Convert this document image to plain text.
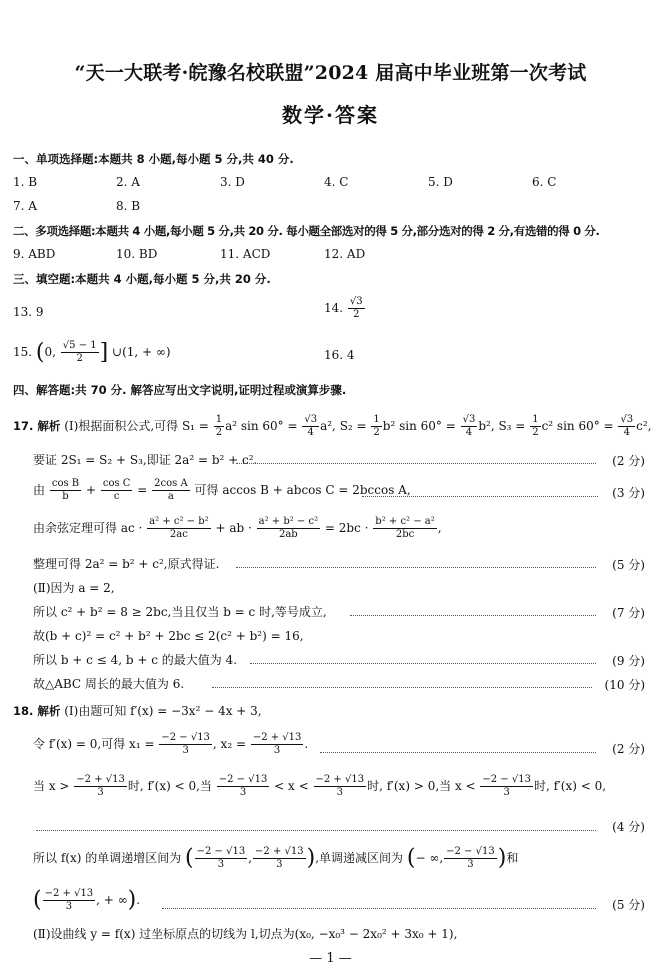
“天一大联考·皖豫名校联盟”2024 届高中毕业班第一次考试
数学·答案
一、单项选择题:本题共 8 小题,每小题 5 分,共 40 分.
1. B	2. A	3. D	4. C	5. D	6. C
7. A	8. B
二、多项选择题:本题共 4 小题,每小题 5 分,共 20 分. 每小题全部选对的得 5 分,部分选对的得 2 分,有选错的得 0 分.
9. ABD	10. BD	11. ACD	12. AD
三、填空题:本题共 4 小题,每小题 5 分,共 20 分.
13. 9	14. $\frac{√3}{2}$
15. (0, $\frac{√5 - 1}{2}$ ] ∪(1, + ∞)	16. 4
四、解答题:共 70 分. 解答应写出文字说明,证明过程或演算步骤.
17. 解析 (Ⅰ)根据面积公式,可得 $S_1 = \frac{1}{2} a^2$ $\sin 60^\circ = \frac{√3}{4} a^2$, $S_2 = \frac{1}{2} b^2$ $\sin 60^\circ = \frac{√3}{4} b^2$, $S_3 = \frac{1}{2} c^2$ $\sin 60^\circ = \frac{√3}{4} c^2$,
要证 2S₁ = S₂ + S₃,即证 2a² = b² + c².	(2 分)
由 $\frac{\text{cos B}}{b} + \frac{\text{cos C}}{c} = \frac{\text{2cos A}}{a}$ 可得 accos B + abcos C = 2bccos A,	(3 分)
由余弦定理可得 ac · $\frac{\text{a² + c² − b²}}{2ac}$ + ab · $\frac{\text{a² + b² − c²}}{2ab} = 2bc \cdot \frac{\text{b² + c² − a²}}{2bc}$ ,
整理可得 2a² = b² + c²,原式得证.	(5 分)
(Ⅱ)因为 a = 2,
所以 c² + b² = 8 ≥ 2bc,当且仅当 b = c 时,等号成立,	(7 分)
故(b + c)² = c² + b² + 2bc ≤ 2(c² + b²) = 16,
所以 b + c ≤ 4, b + c 的最大值为 4.	(9 分)
故△ABC 周长的最大值为 6.	(10 分)
18. 解析 (Ⅰ)由题可知 f′(x) = −3x² − 4x + 3,
令 f′(x) = 0,可得 $x_1 = \frac{-2 - √13}{3}$ , $x_2 = \frac{-2 + √13}{3}$ .	(2 分)
当 $x > \frac{-2 + √13}{3}$ 时, f′(x) < 0,当 $\frac{-2 - √13}{3} < x < \frac{-2 + √13}{3}$ 时, f′(x) > 0,当 $x < \frac{-2 - √13}{3}$ 时, f′(x) < 0,
(4 分)
所以 f(x) 的单调递增区间为 ( $\frac{-2 - √13}{3}$ , $\frac{-2 + √13}{3}$ ),单调递减区间为 (− ∞, $\frac{-2 - √13}{3}$ )和
( $\frac{-2 + √13}{3}$ , + ∞).	(5 分)
(Ⅱ)设曲线 y = f(x) 过坐标原点的切线为 l,切点为(x₀, −x₀³ − 2x₀² + 3x₀ + 1),
— 1 —
